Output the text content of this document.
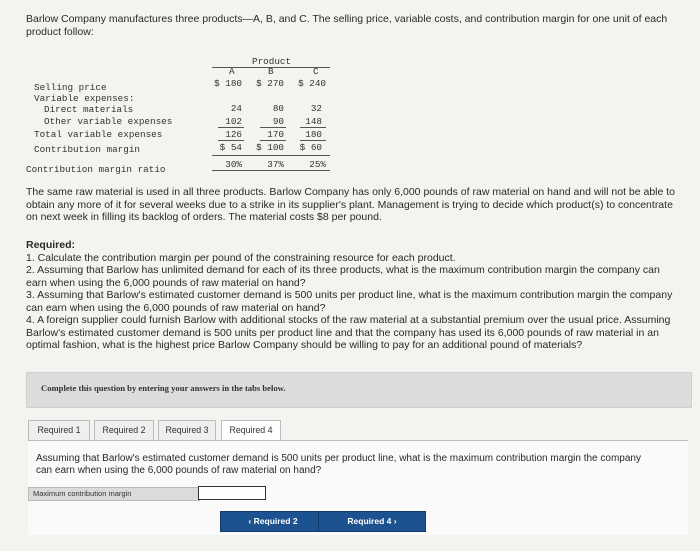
Barlow Company manufactures three products—A, B, and C. The selling price, variable costs, and contribution margin for one unit of each product follow:
Product
A	B	C
Selling price	$ 180	$ 270	$ 240
Variable expenses:
Direct materials	24	80	32
Other variable expenses	102	90	148
Total variable expenses	126	170	180
Contribution margin	$ 54	$ 100	$ 60
Contribution margin ratio	30%	37%	25%
The same raw material is used in all three products. Barlow Company has only 6,000 pounds of raw material on hand and will not be able to obtain any more of it for several weeks due to a strike in its supplier's plant. Management is trying to decide which product(s) to concentrate on next week in filling its backlog of orders. The material costs $8 per pound.
Required:
1. Calculate the contribution margin per pound of the constraining resource for each product.
2. Assuming that Barlow has unlimited demand for each of its three products, what is the maximum contribution margin the company can earn when using the 6,000 pounds of raw material on hand?
3. Assuming that Barlow's estimated customer demand is 500 units per product line, what is the maximum contribution margin the company can earn when using the 6,000 pounds of raw material on hand?
4. A foreign supplier could furnish Barlow with additional stocks of the raw material at a substantial premium over the usual price. Assuming Barlow's estimated customer demand is 500 units per product line and that the company has used its 6,000 pounds of raw material in an optimal fashion, what is the highest price Barlow Company should be willing to pay for an additional pound of materials?
Complete this question by entering your answers in the tabs below.
Required 1	Required 2	Required 3	Required 4
Assuming that Barlow's estimated customer demand is 500 units per product line, what is the maximum contribution margin the company can earn when using the 6,000 pounds of raw material on hand?
Maximum contribution margin
‹ Required 2	Required 4 ›
